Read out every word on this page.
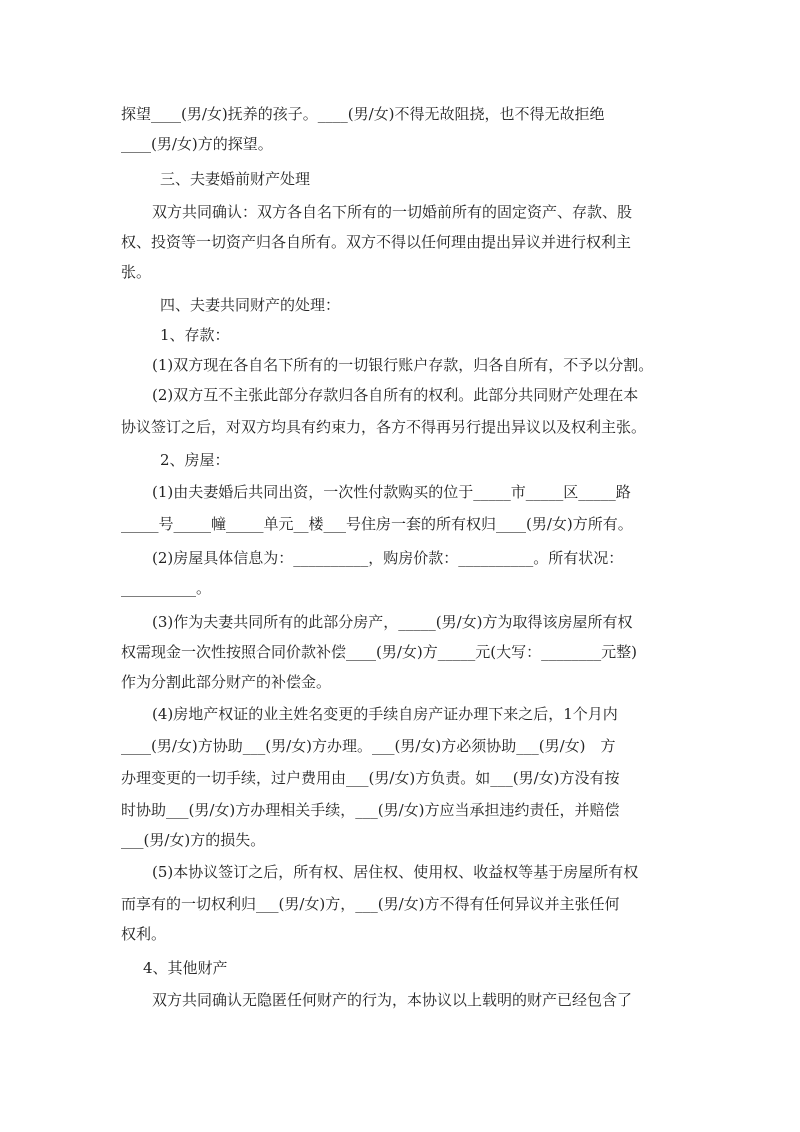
探望____(男/女)抚养的孩子。____(男/女)不得无故阻挠，也不得无故拒绝

____(男/女)方的探望。

三、夫妻婚前财产处理

双方共同确认：双方各自名下所有的一切婚前所有的固定资产、存款、股

权、投资等一切资产归各自所有。双方不得以任何理由提出异议并进行权利主

张。

四、夫妻共同财产的处理：

1、存款：

(1)双方现在各自名下所有的一切银行账户存款，归各自所有，不予以分割。

(2)双方互不主张此部分存款归各自所有的权利。此部分共同财产处理在本

协议签订之后，对双方均具有约束力，各方不得再另行提出异议以及权利主张。

2、房屋：

(1)由夫妻婚后共同出资，一次性付款购买的位于_____市_____区_____路

_____号_____幢_____单元__楼___号住房一套的所有权归____(男/女)方所有。

(2)房屋具体信息为：__________，购房价款：__________。所有状况：

__________。

(3)作为夫妻共同所有的此部分房产，_____(男/女)方为取得该房屋所有权

权需现金一次性按照合同价款补偿____(男/女)方_____元(大写：________元整)

作为分割此部分财产的补偿金。

(4)房地产权证的业主姓名变更的手续自房产证办理下来之后，1个月内

____(男/女)方协助___(男/女)方办理。___(男/女)方必须协助___(男/女)　方

办理变更的一切手续，过户费用由___(男/女)方负责。如___(男/女)方没有按

时协助___(男/女)方办理相关手续，___(男/女)方应当承担违约责任，并赔偿

___(男/女)方的损失。

(5)本协议签订之后，所有权、居住权、使用权、收益权等基于房屋所有权

而享有的一切权利归___(男/女)方，___(男/女)方不得有任何异议并主张任何

权利。

4、其他财产

双方共同确认无隐匿任何财产的行为，本协议以上载明的财产已经包含了
